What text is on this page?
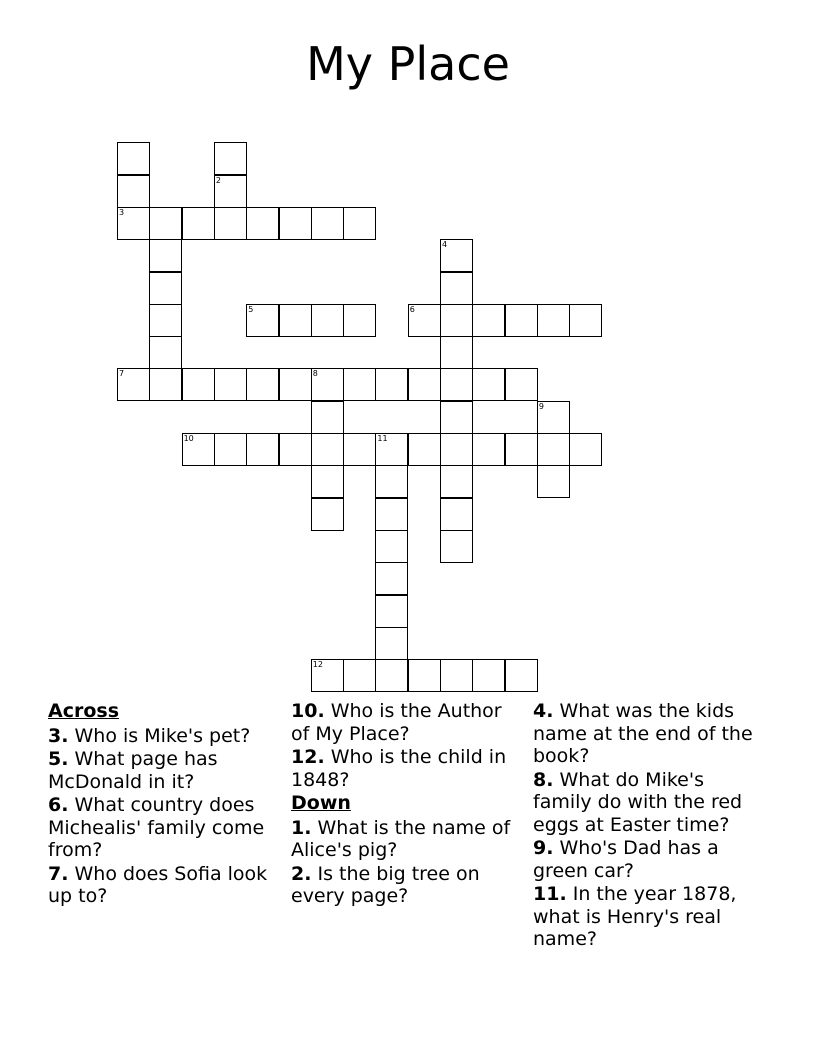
My Place
3
7
2
4
5	6
8
9
10	11
12
Across
3. Who is Mike's pet?
5. What page has McDonald in it?
6. What country does Michealis' family come from?
7. Who does Sofia look up to?
10. Who is the Author of My Place?
12. Who is the child in 1848?
Down
1. What is the name of Alice's pig?
2. Is the big tree on every page?
4. What was the kids name at the end of the book?
8. What do Mike's family do with the red eggs at Easter time?
9. Who's Dad has a green car?
11. In the year 1878, what is Henry's real name?
